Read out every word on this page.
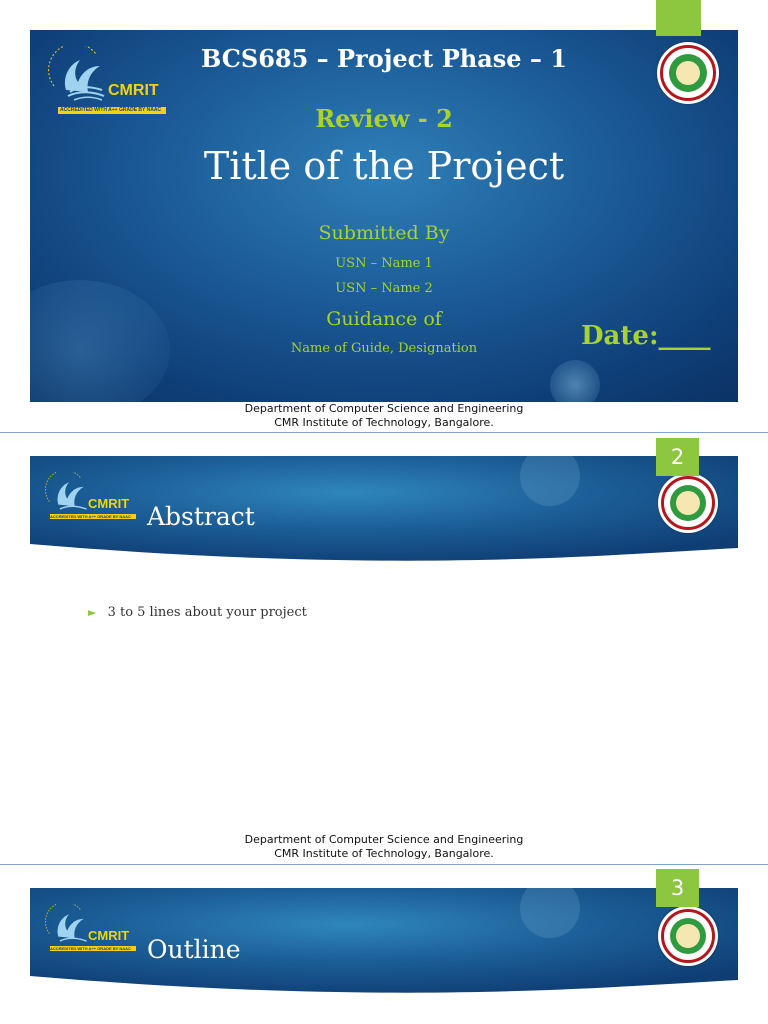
CMRIT
ACCREDITED WITH A++ GRADE BY NAAC
BCS685 – Project Phase – 1
Review - 2
Title of the Project
Submitted By
USN – Name 1
USN – Name 2
Guidance of
Name of Guide, Designation	Date:____
Department of Computer Science and Engineering
CMR Institute of Technology, Bangalore.
CMRIT
ACCREDITED WITH A++ GRADE BY NAAC Abstract
2
► 3 to 5 lines about your project
Department of Computer Science and Engineering
CMR Institute of Technology, Bangalore.
CMRIT
ACCREDITED WITH A++ GRADE BY NAAC Outline
3
